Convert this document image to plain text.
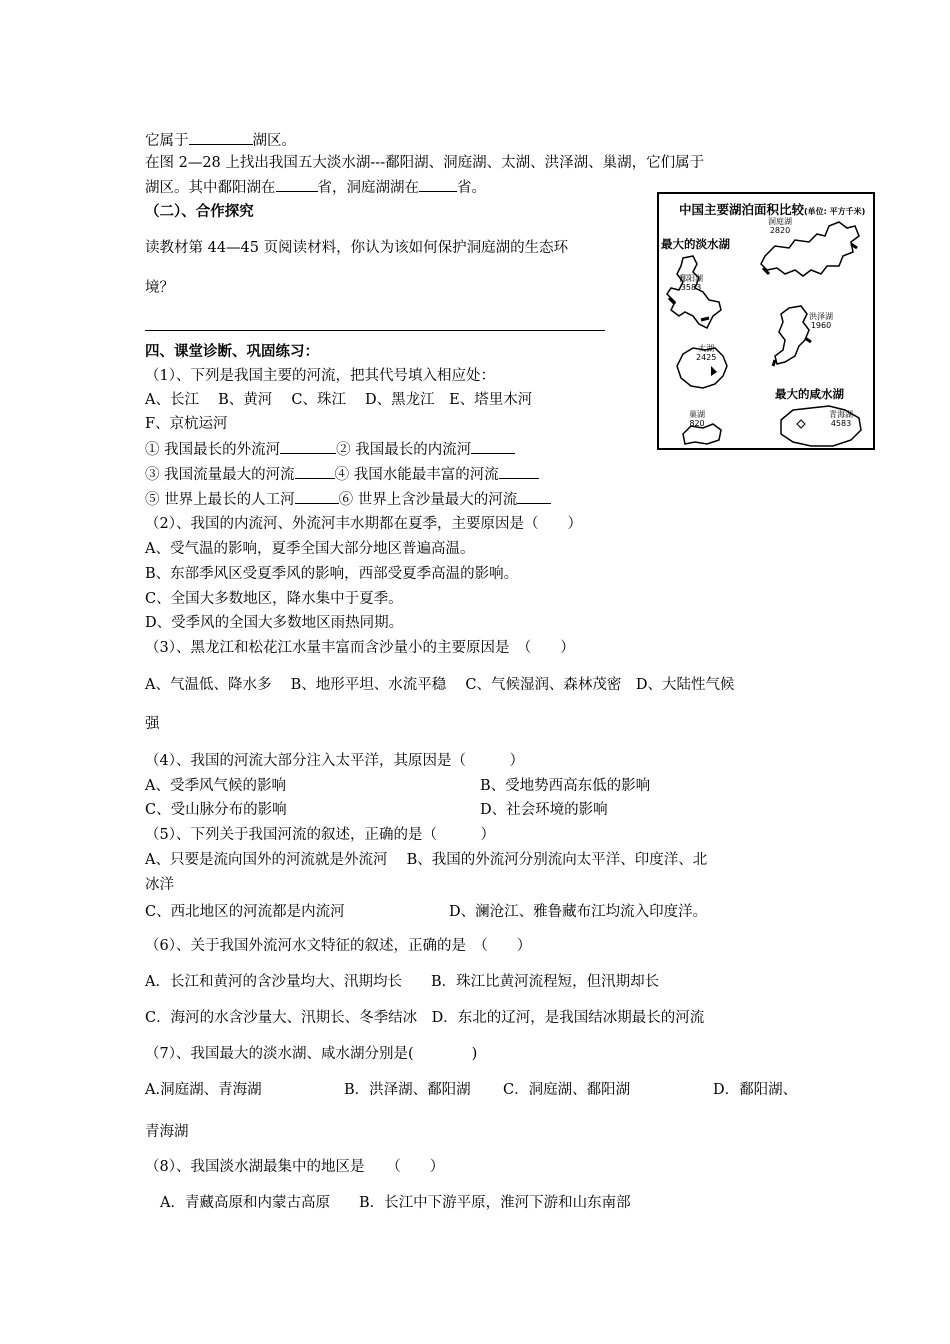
它属于	湖区。
在图 2—28 上找出我国五大淡水湖---鄱阳湖、洞庭湖、太湖、洪泽湖、巢湖，它们属于
湖区。其中鄱阳湖在	省，洞庭湖湖在	省。
（二）、合作探究
读教材第 44—45 页阅读材料，你认为该如何保护洞庭湖的生态环
境？
四、课堂诊断、巩固练习：
（1）、下列是我国主要的河流，把其代号填入相应处：
A、长江　 B、黄河　 C、珠江　 D、黑龙江　E、塔里木河
F、京杭运河
① 我国最长的外流河	② 我国最长的内流河
③ 我国流量最大的河流	④ 我国水能最丰富的河流
⑤ 世界上最长的人工河	⑥ 世界上含沙量最大的河流
（2）、我国的内流河、外流河丰水期都在夏季，主要原因是（　　）
A、受气温的影响，夏季全国大部分地区普遍高温。
B、东部季风区受夏季风的影响，西部受夏季高温的影响。
C、全国大多数地区，降水集中于夏季。
D、受季风的全国大多数地区雨热同期。
（3）、黑龙江和松花江水量丰富而含沙量小的主要原因是　（　　）
A、气温低、降水多　 B、地形平坦、水流平稳　 C、气候湿润、森林茂密　D、大陆性气候
强
（4）、我国的河流大部分注入太平洋，其原因是（　　　）
A、受季风气候的影响	B、受地势西高东低的影响
C、受山脉分布的影响	D、社会环境的影响
（5）、下列关于我国河流的叙述，正确的是（　　　）
A、只要是流向国外的河流就是外流河　 B、我国的外流河分别流向太平洋、印度洋、北
冰洋
C、西北地区的河流都是内流河	D、澜沧江、雅鲁藏布江均流入印度洋。
（6）、关于我国外流河水文特征的叙述，正确的是　（　　）
A．长江和黄河的含沙量均大、汛期均长　　B．珠江比黄河流程短，但汛期却长
C．海河的水含沙量大、汛期长、冬季结冰　D．东北的辽河，是我国结冰期最长的河流
（7）、我国最大的淡水湖、咸水湖分别是(　　　　)
A.洞庭湖、青海湖	B．洪泽湖、鄱阳湖 C．洞庭湖、鄱阳湖	D．鄱阳湖、
青海湖
（8）、我国淡水湖最集中的地区是　　（　　）
A．青藏高原和内蒙古高原　　B．长江中下游平原，淮河下游和山东南部
中国主要湖泊面积比较(单位: 平方千米)
最大的淡水湖
最大的咸水湖
鄱阳湖
3583
洞庭湖
2820
洪泽湖
1960
太湖
2425
巢湖
820
青海湖
4583
